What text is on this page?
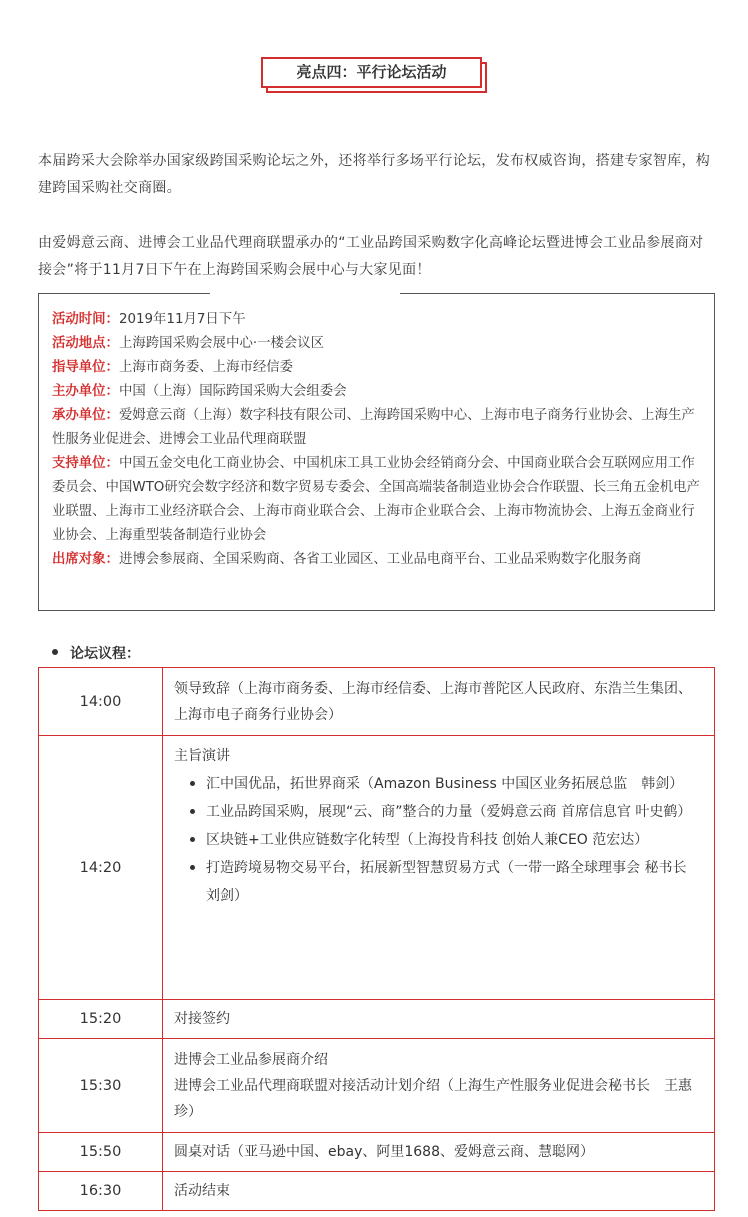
亮点四：平行论坛活动
本届跨采大会除举办国家级跨国采购论坛之外，还将举行多场平行论坛，发布权威咨询，搭建专家智库，构建跨国采购社交商圈。
由爱姆意云商、进博会工业品代理商联盟承办的“工业品跨国采购数字化高峰论坛暨进博会工业品参展商对接会”将于11月7日下午在上海跨国采购会展中心与大家见面！

活动时间：2019年11月7日下午

活动地点：上海跨国采购会展中心·一楼会议区

指导单位：上海市商务委、上海市经信委

主办单位：中国（上海）国际跨国采购大会组委会

承办单位：爱姆意云商（上海）数字科技有限公司、上海跨国采购中心、上海市电子商务行业协会、上海生产性服务业促进会、进博会工业品代理商联盟

支持单位：中国五金交电化工商业协会、中国机床工具工业协会经销商分会、中国商业联合会互联网应用工作委员会、中国WTO研究会数字经济和数字贸易专委会、全国高端装备制造业协会合作联盟、长三角五金机电产业联盟、上海市工业经济联合会、上海市商业联合会、上海市企业联合会、上海市物流协会、上海五金商业行业协会、上海重型装备制造行业协会

出席对象：进博会参展商、全国采购商、各省工业园区、工业品电商平台、工业品采购数字化服务商

论坛议程：
14:00	领导致辞（上海市商务委、上海市经信委、上海市普陀区人民政府、东浩兰生集团、上海市电子商务行业协会）

14:20	主旨演讲
汇中国优品，拓世界商采（Amazon Business 中国区业务拓展总监　韩剑）
工业品跨国采购，展现“云、商”整合的力量（爱姆意云商 首席信息官 叶史鹤）
区块链+工业供应链数字化转型（上海投肯科技 创始人兼CEO 范宏达）
打造跨境易物交易平台，拓展新型智慧贸易方式（一带一路全球理事会 秘书长 刘剑）

15:20	对接签约

15:30	进博会工业品参展商介绍
进博会工业品代理商联盟对接活动计划介绍（上海生产性服务业促进会秘书长　王惠珍）

15:50	圆桌对话（亚马逊中国、ebay、阿里1688、爱姆意云商、慧聪网）

16:30	活动结束
